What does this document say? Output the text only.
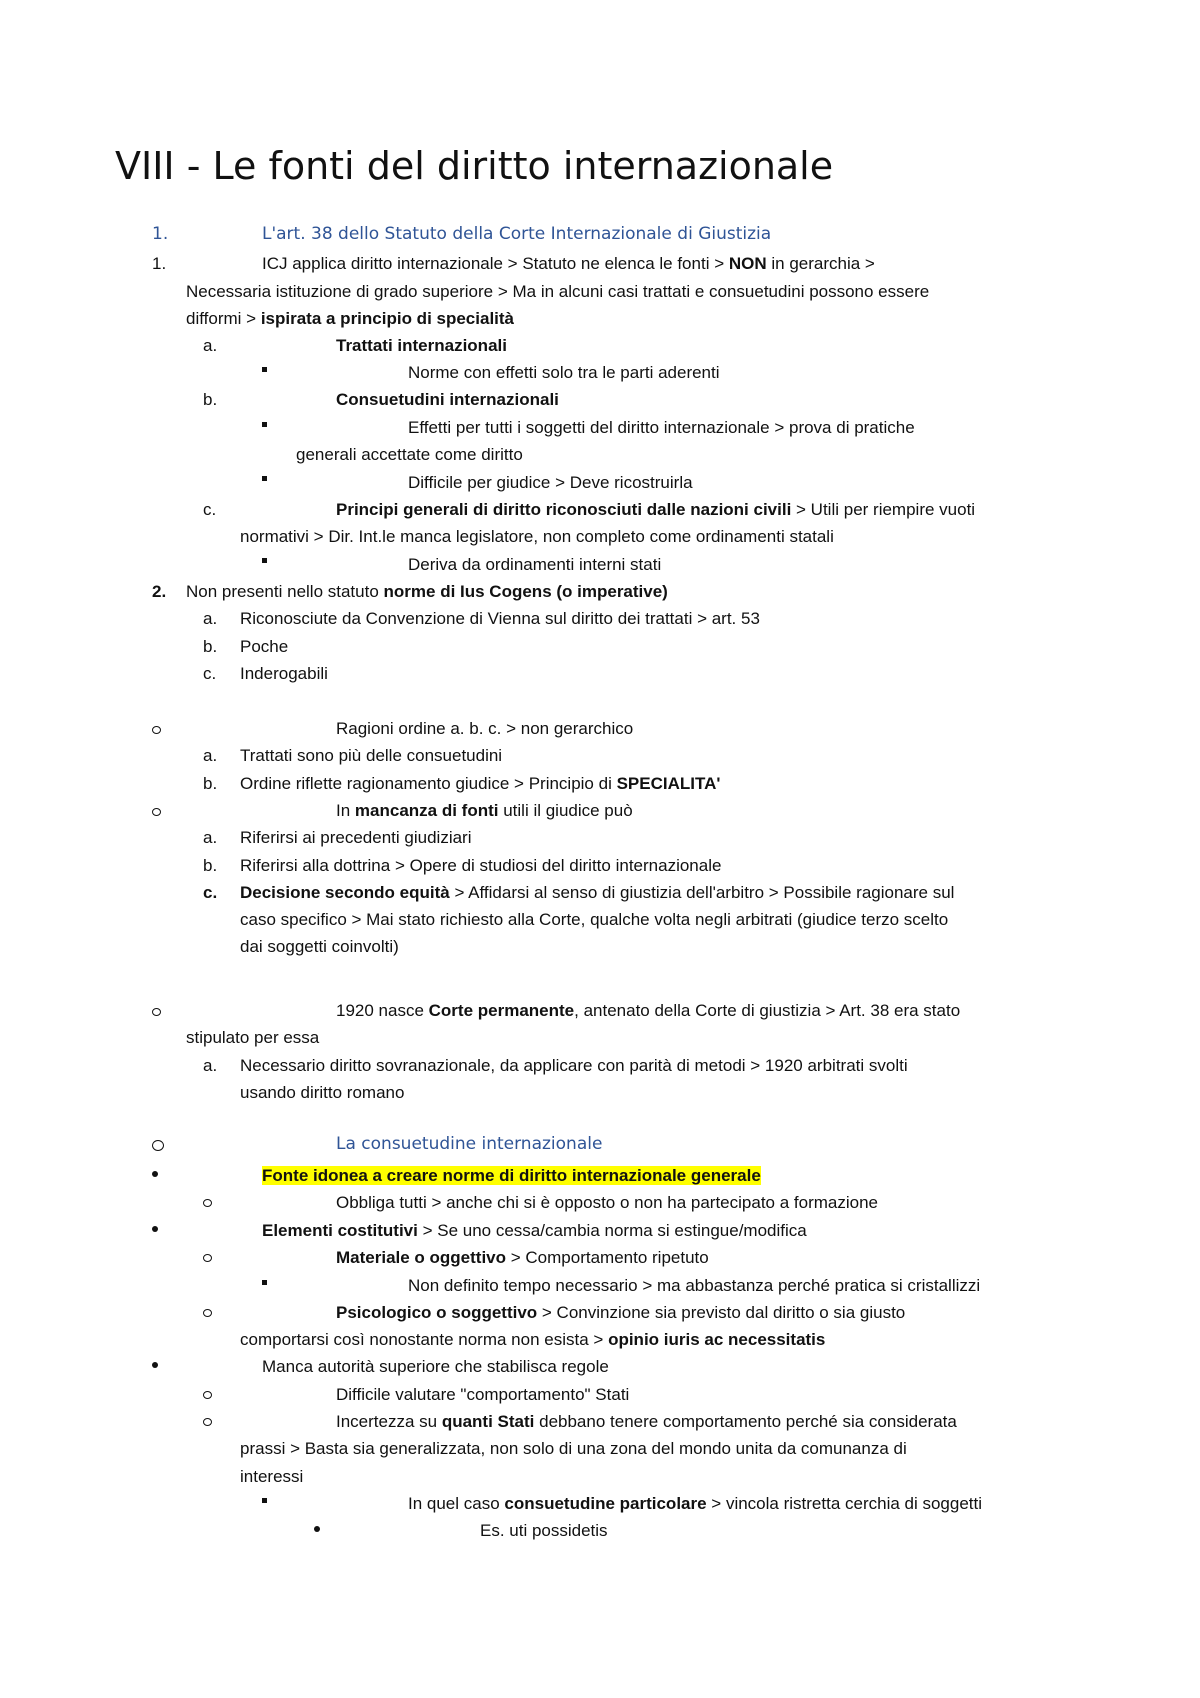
VIII - Le fonti del diritto internazionale
1.	L'art. 38 dello Statuto della Corte Internazionale di Giustizia
1.	ICJ applica diritto internazionale > Statuto ne elenca le fonti > NON in gerarchia >
Necessaria istituzione di grado superiore > Ma in alcuni casi trattati e consuetudini possono essere
difformi > ispirata a principio di specialità
a.	Trattati internazionali
Norme con effetti solo tra le parti aderenti
b.	Consuetudini internazionali
Effetti per tutti i soggetti del diritto internazionale > prova di pratiche
generali accettate come diritto
Difficile per giudice > Deve ricostruirla
c.	Principi generali di diritto riconosciuti dalle nazioni civili > Utili per riempire vuoti
normativi > Dir. Int.le manca legislatore, non completo come ordinamenti statali
Deriva da ordinamenti interni stati
2. Non presenti nello statuto norme di Ius Cogens (o imperative)
a. Riconosciute da Convenzione di Vienna sul diritto dei trattati > art. 53
b. Poche
c. Inderogabili
Ragioni ordine a. b. c. > non gerarchico
a. Trattati sono più delle consuetudini
b. Ordine riflette ragionamento giudice > Principio di SPECIALITA'
In mancanza di fonti utili il giudice può
a. Riferirsi ai precedenti giudiziari
b. Riferirsi alla dottrina > Opere di studiosi del diritto internazionale
c. Decisione secondo equità > Affidarsi al senso di giustizia dell'arbitro > Possibile ragionare sul
caso specifico > Mai stato richiesto alla Corte, qualche volta negli arbitrati (giudice terzo scelto
dai soggetti coinvolti)
1920 nasce Corte permanente, antenato della Corte di giustizia > Art. 38 era stato
stipulato per essa
a. Necessario diritto sovranazionale, da applicare con parità di metodi > 1920 arbitrati svolti
usando diritto romano
La consuetudine internazionale
Fonte idonea a creare norme di diritto internazionale generale
Obbliga tutti > anche chi si è opposto o non ha partecipato a formazione
Elementi costitutivi > Se uno cessa/cambia norma si estingue/modifica
Materiale o oggettivo > Comportamento ripetuto
Non definito tempo necessario > ma abbastanza perché pratica si cristallizzi
Psicologico o soggettivo > Convinzione sia previsto dal diritto o sia giusto
comportarsi così nonostante norma non esista > opinio iuris ac necessitatis
Manca autorità superiore che stabilisca regole
Difficile valutare "comportamento" Stati
Incertezza su quanti Stati debbano tenere comportamento perché sia considerata
prassi > Basta sia generalizzata, non solo di una zona del mondo unita da comunanza di
interessi
In quel caso consuetudine particolare > vincola ristretta cerchia di soggetti
Es. uti possidetis
